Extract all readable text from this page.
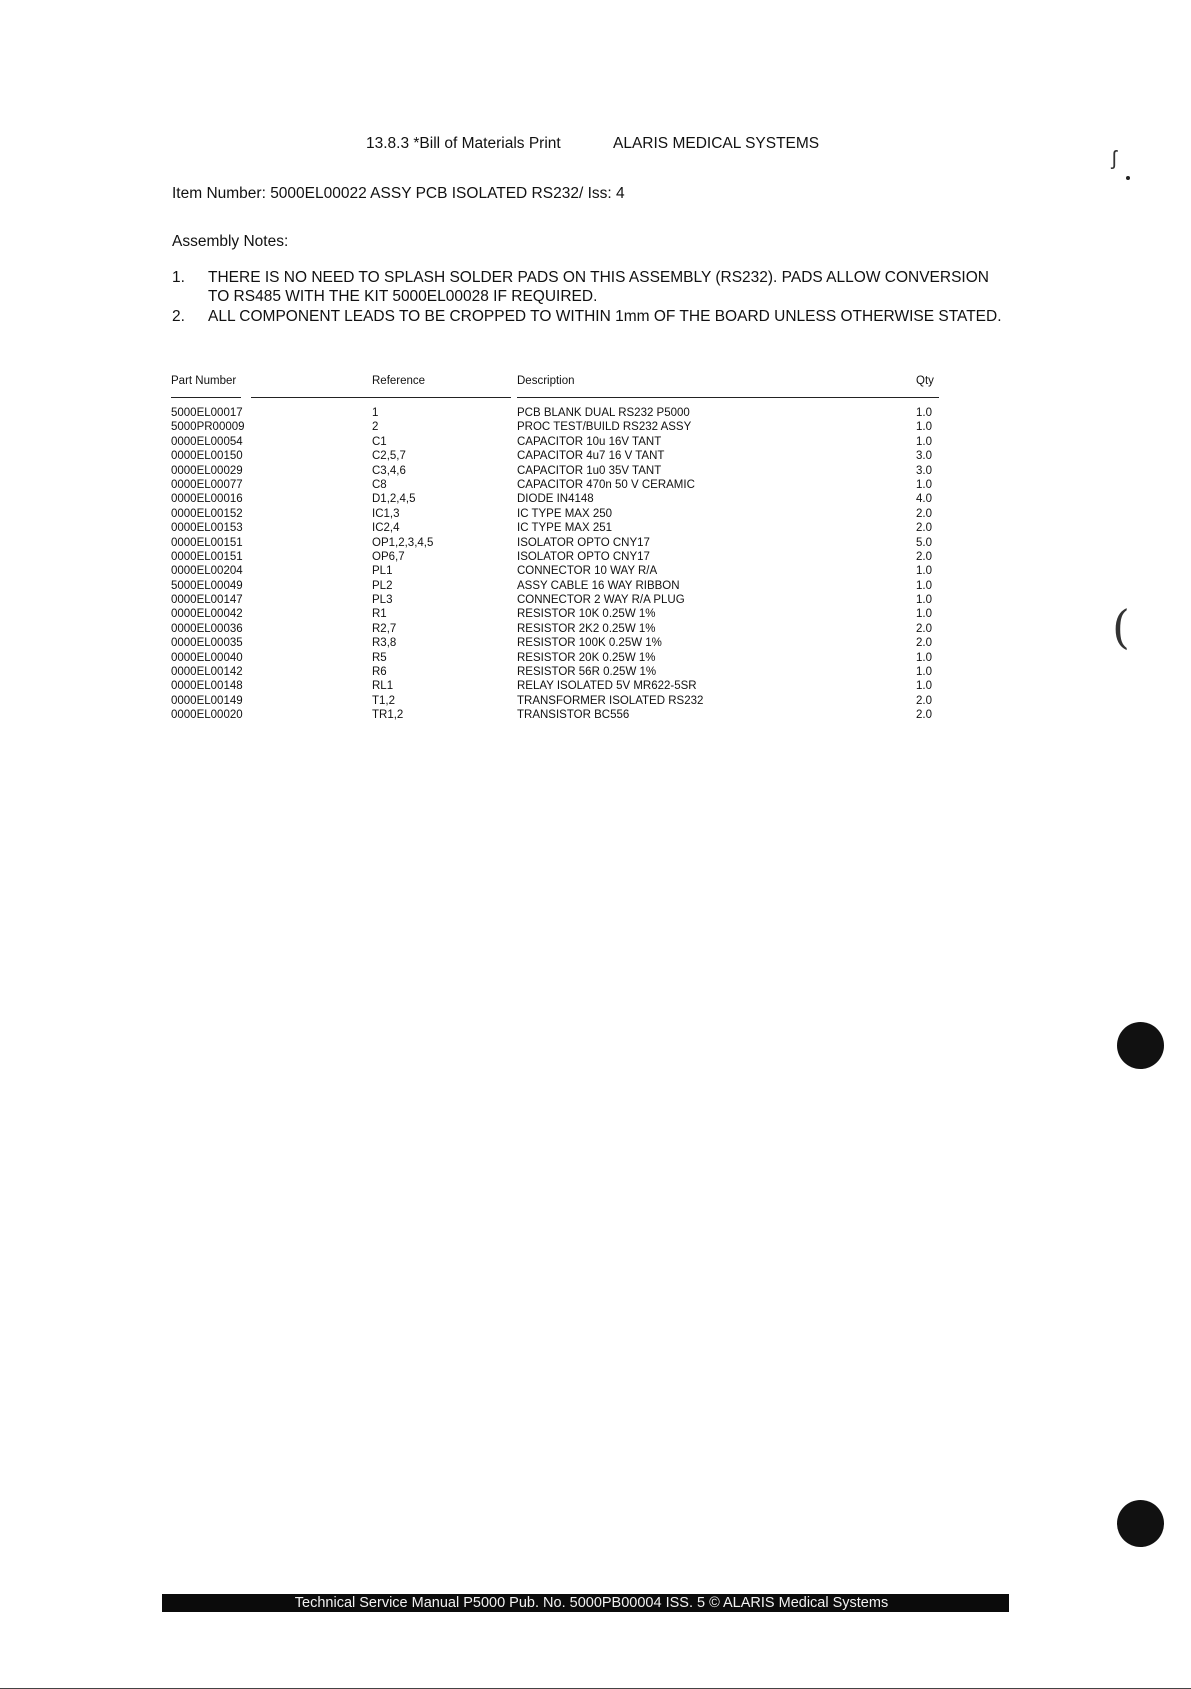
13.8.3 *Bill of Materials Print	ALARIS MEDICAL SYSTEMS
Item Number: 5000EL00022 ASSY PCB ISOLATED RS232/ Iss: 4
Assembly Notes:
1. THERE IS NO NEED TO SPLASH SOLDER PADS ON THIS ASSEMBLY (RS232). PADS ALLOW CONVERSION TO RS485 WITH THE KIT 5000EL00028 IF REQUIRED.
2. ALL COMPONENT LEADS TO BE CROPPED TO WITHIN 1mm OF THE BOARD UNLESS OTHERWISE STATED.
Part Number	Reference	Description	Qty
5000EL00017	1	PCB BLANK DUAL RS232 P5000	1.0
5000PR00009	2	PROC TEST/BUILD RS232 ASSY	1.0
0000EL00054	C1	CAPACITOR 10u 16V TANT	1.0
0000EL00150	C2,5,7	CAPACITOR 4u7 16 V TANT	3.0
0000EL00029	C3,4,6	CAPACITOR 1u0 35V TANT	3.0
0000EL00077	C8	CAPACITOR 470n 50 V CERAMIC	1.0
0000EL00016	D1,2,4,5	DIODE IN4148	4.0
0000EL00152	IC1,3	IC TYPE MAX 250	2.0
0000EL00153	IC2,4	IC TYPE MAX 251	2.0
0000EL00151	OP1,2,3,4,5	ISOLATOR OPTO CNY17	5.0
0000EL00151	OP6,7	ISOLATOR OPTO CNY17	2.0
0000EL00204	PL1	CONNECTOR 10 WAY R/A	1.0
5000EL00049	PL2	ASSY CABLE 16 WAY RIBBON	1.0
0000EL00147	PL3	CONNECTOR 2 WAY R/A PLUG	1.0
0000EL00042	R1	RESISTOR 10K 0.25W 1%	1.0
0000EL00036	R2,7	RESISTOR 2K2 0.25W 1%	2.0
0000EL00035	R3,8	RESISTOR 100K 0.25W 1%	2.0
0000EL00040	R5	RESISTOR 20K 0.25W 1%	1.0
0000EL00142	R6	RESISTOR 56R 0.25W 1%	1.0
0000EL00148	RL1	RELAY ISOLATED 5V MR622-5SR	1.0
0000EL00149	T1,2	TRANSFORMER ISOLATED RS232	2.0
0000EL00020	TR1,2	TRANSISTOR BC556	2.0
ʃ
(
Technical Service Manual P5000 Pub. No. 5000PB00004 ISS. 5 © ALARIS Medical Systems
